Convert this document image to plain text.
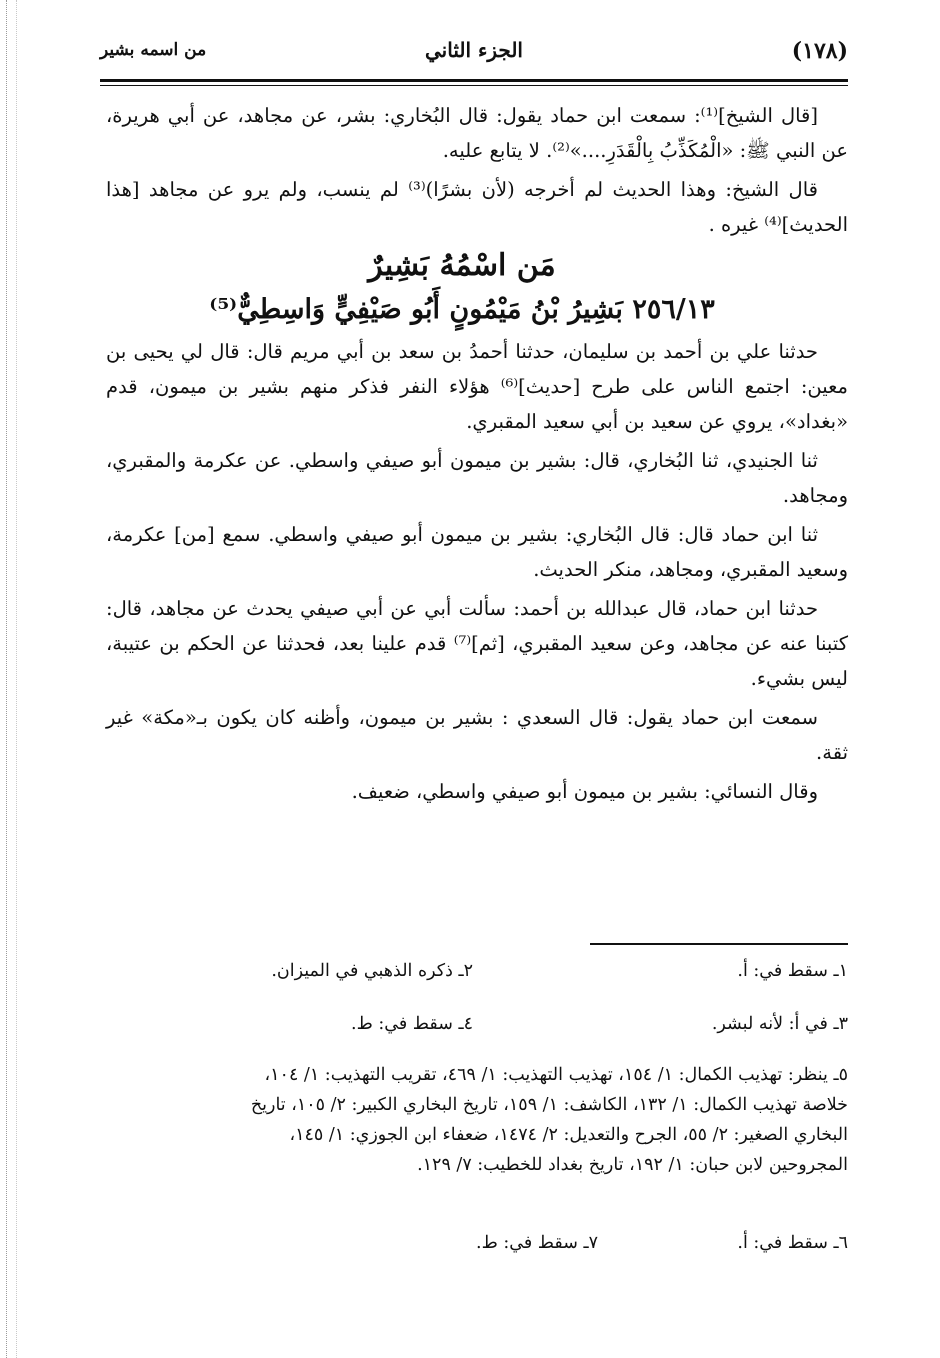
(١٧٨)
الجزء الثاني
من اسمه بشير

[قال الشيخ]⁽¹⁾: سمعت ابن حماد يقول: قال البُخاري: بشر، عن مجاهد، عن أبي هريرة، عن النبي ﷺ: «الْمُكَذِّبُ بِالْقَدَرِ....»⁽²⁾. لا يتابع عليه.

قال الشيخ: وهذا الحديث لم أخرجه (لأن بشرًا)⁽³⁾ لم ينسب، ولم يرو عن مجاهد [هذا الحديث]⁽⁴⁾ غيره .

مَن اسْمُهُ بَشِيرٌ

٢٥٦/١٣ بَشِيرُ بْنُ مَيْمُونٍ أَبُو صَيْفِيٍّ وَاسِطِيٌّ⁽⁵⁾

حدثنا علي بن أحمد بن سليمان، حدثنا أحمدُ بن سعد بن أبي مريم قال: قال لي يحيى بن معين: اجتمع الناس على طرح [حديث]⁽⁶⁾ هؤلاء النفر فذكر منهم بشير بن ميمون، قدم «بغداد»، يروي عن سعيد بن أبي سعيد المقبري.

ثنا الجنيدي، ثنا البُخاري، قال: بشير بن ميمون أبو صيفي واسطي. عن عكرمة والمقبري، ومجاهد.

ثنا ابن حماد قال: قال البُخاري: بشير بن ميمون أبو صيفي واسطي. سمع [من] عكرمة، وسعيد المقبري، ومجاهد، منكر الحديث.

حدثنا ابن حماد، قال عبدالله بن أحمد: سألت أبي عن أبي صيفي يحدث عن مجاهد، قال: كتبنا عنه عن مجاهد، وعن سعيد المقبري، [ثم]⁽⁷⁾ قدم علينا بعد، فحدثنا عن الحكم بن عتيبة، ليس بشيء.

سمعت ابن حماد يقول: قال السعدي : بشير بن ميمون، وأظنه كان يكون بـ«مكة» غير ثقة.

وقال النسائي: بشير بن ميمون أبو صيفي واسطي، ضعيف.

١ـ سقط في: أ.
٢ـ ذكره الذهبي في الميزان.
٣ـ في أ: لأنه لبشر.
٤ـ سقط في: ط.
٥ـ ينظر: تهذيب الكمال: ١/ ١٥٤، تهذيب التهذيب: ١/ ٤٦٩، تقريب التهذيب: ١/ ١٠٤،
خلاصة تهذيب الكمال: ١/ ١٣٢، الكاشف: ١/ ١٥٩، تاريخ البخاري الكبير: ٢/ ١٠٥، تاريخ
البخاري الصغير: ٢/ ٥٥، الجرح والتعديل: ٢/ ١٤٧٤، ضعفاء ابن الجوزي: ١/ ١٤٥،
المجروحين لابن حبان: ١/ ١٩٢، تاريخ بغداد للخطيب: ٧/ ١٢٩.
٦ـ سقط في: أ.
٧ـ سقط في: ط.
